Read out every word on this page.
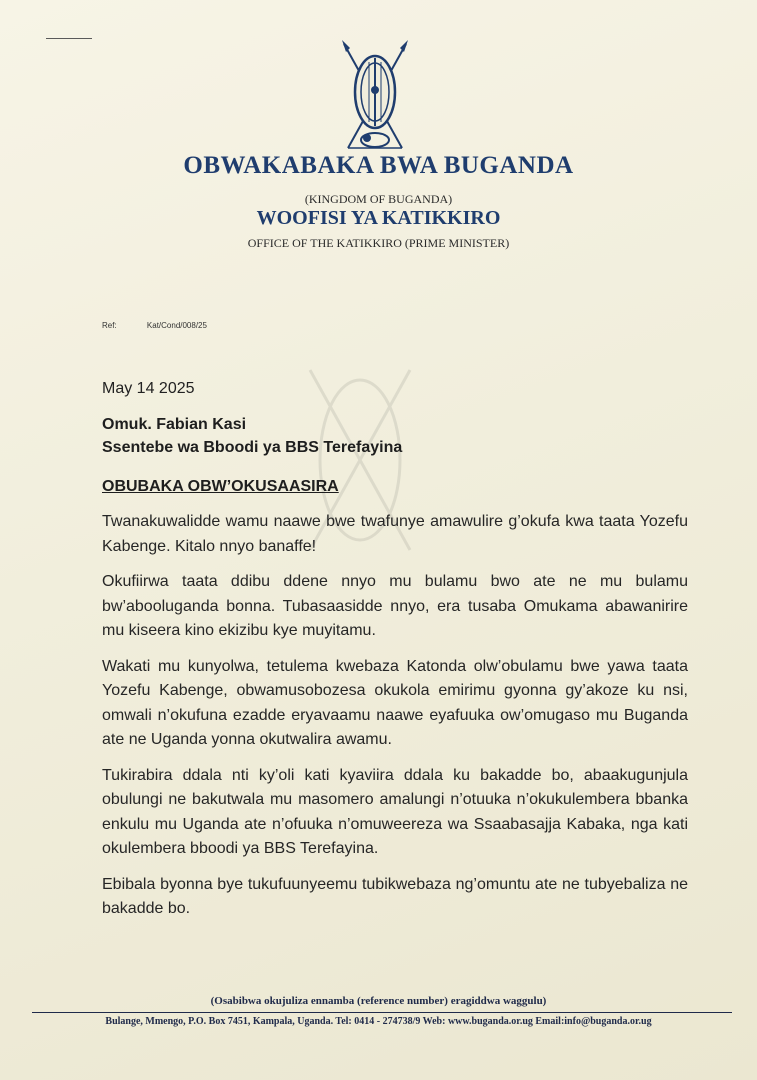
OBWAKABAKA BWA BUGANDA
(KINGDOM OF BUGANDA)
WOOFISI YA KATIKKIRO
OFFICE OF THE KATIKKIRO (PRIME MINISTER)
Ref:	Kat/Cond/008/25
May 14 2025
Omuk. Fabian Kasi
Ssentebe wa Bboodi ya BBS Terefayina
OBUBAKA OBW’OKUSAASIRA

Twanakuwalidde wamu naawe bwe twafunye amawulire g’okufa kwa taata Yozefu Kabenge. Kitalo nnyo banaffe!

Okufiirwa taata ddibu ddene nnyo mu bulamu bwo ate ne mu bulamu bw’abooluganda bonna. Tubasaasidde nnyo, era tusaba Omukama abawanirire mu kiseera kino ekizibu kye muyitamu.

Wakati mu kunyolwa, tetulema kwebaza Katonda olw’obulamu bwe yawa taata Yozefu Kabenge, obwamusobozesa okukola emirimu gyonna gy’akoze ku nsi, omwali n’okufuna ezadde eryavaamu naawe eyafuuka ow’omugaso mu Buganda ate ne Uganda yonna okutwalira awamu.

Tukirabira ddala nti ky’oli kati kyaviira ddala ku bakadde bo, abaakugunjula obulungi ne bakutwala mu masomero amalungi n’otuuka n’okukulembera bbanka enkulu mu Uganda ate n’ofuuka n’omuweereza wa Ssaabasajja Kabaka, nga kati okulembera bboodi ya BBS Terefayina.

Ebibala byonna bye tukufuunyeemu tubikwebaza ng’omuntu ate ne tubyebaliza ne bakadde bo.

(Osabibwa okujuliza ennamba (reference number) eragiddwa waggulu)
Bulange, Mmengo, P.O. Box 7451, Kampala, Uganda. Tel: 0414 - 274738/9 Web: www.buganda.or.ug Email:info@buganda.or.ug
